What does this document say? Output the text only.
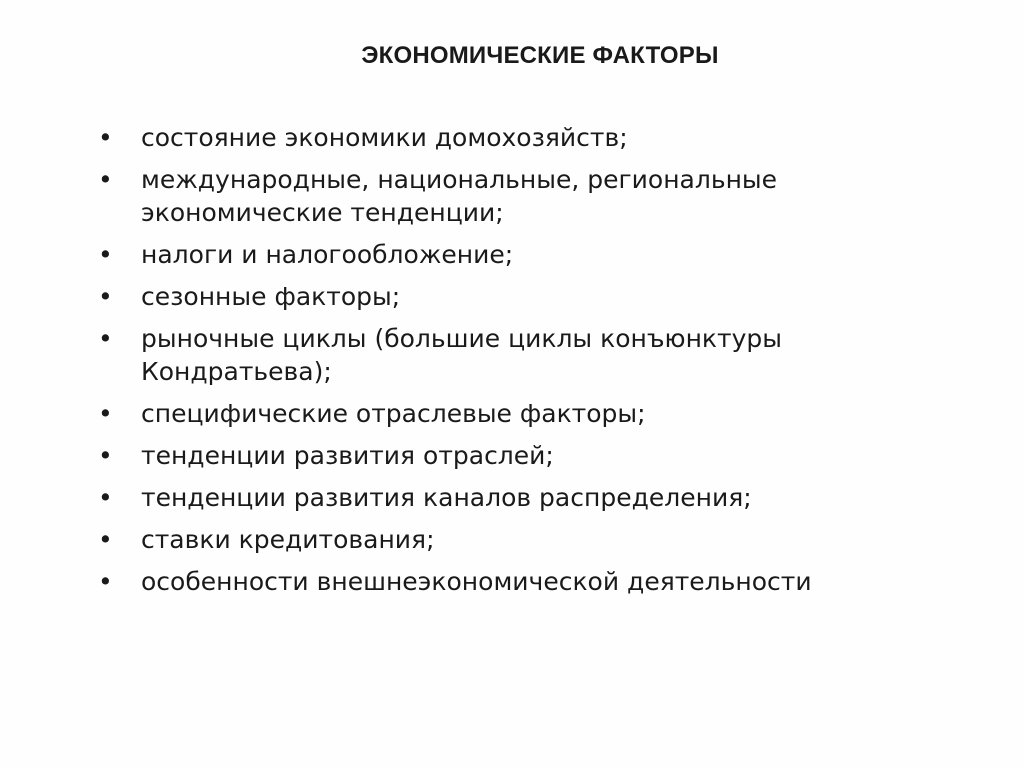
ЭКОНОМИЧЕСКИЕ ФАКТОРЫ
• состояние экономики домохозяйств;
• международные, национальные, региональные экономические тенденции;
• налоги и налогообложение;
• сезонные факторы;
• рыночные циклы (большие циклы конъюнктуры Кондратьева);
• специфические отраслевые факторы;
• тенденции развития отраслей;
• тенденции развития каналов распределения;
• ставки кредитования;
• особенности внешнеэкономической деятельности
